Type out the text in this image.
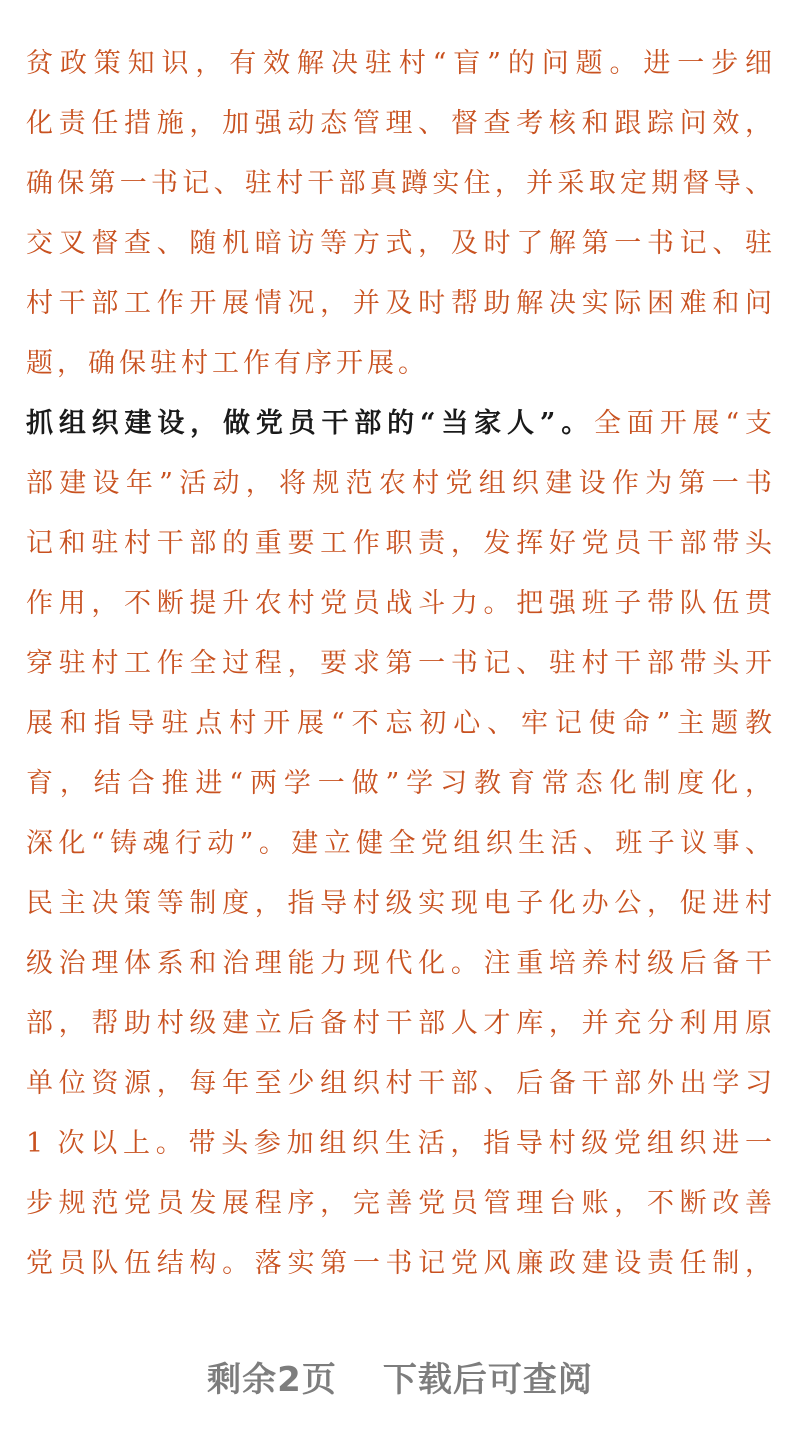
贫政策知识，有效解决驻村“盲”的问题。进一步细
化责任措施，加强动态管理、督查考核和跟踪问效，
确保第一书记、驻村干部真蹲实住，并采取定期督导、
交叉督查、随机暗访等方式，及时了解第一书记、驻
村干部工作开展情况，并及时帮助解决实际困难和问
题，确保驻村工作有序开展。
抓组织建设，做党员干部的“当家人”。全面开展“支
部建设年”活动，将规范农村党组织建设作为第一书
记和驻村干部的重要工作职责，发挥好党员干部带头
作用，不断提升农村党员战斗力。把强班子带队伍贯
穿驻村工作全过程，要求第一书记、驻村干部带头开
展和指导驻点村开展“不忘初心、牢记使命”主题教
育，结合推进“两学一做”学习教育常态化制度化，
深化“铸魂行动”。建立健全党组织生活、班子议事、
民主决策等制度，指导村级实现电子化办公，促进村
级治理体系和治理能力现代化。注重培养村级后备干
部，帮助村级建立后备村干部人才库，并充分利用原
单位资源，每年至少组织村干部、后备干部外出学习
1 次以上。带头参加组织生活，指导村级党组织进一
步规范党员发展程序，完善党员管理台账，不断改善
党员队伍结构。落实第一书记党风廉政建设责任制，
剩余2页 下载后可查阅
